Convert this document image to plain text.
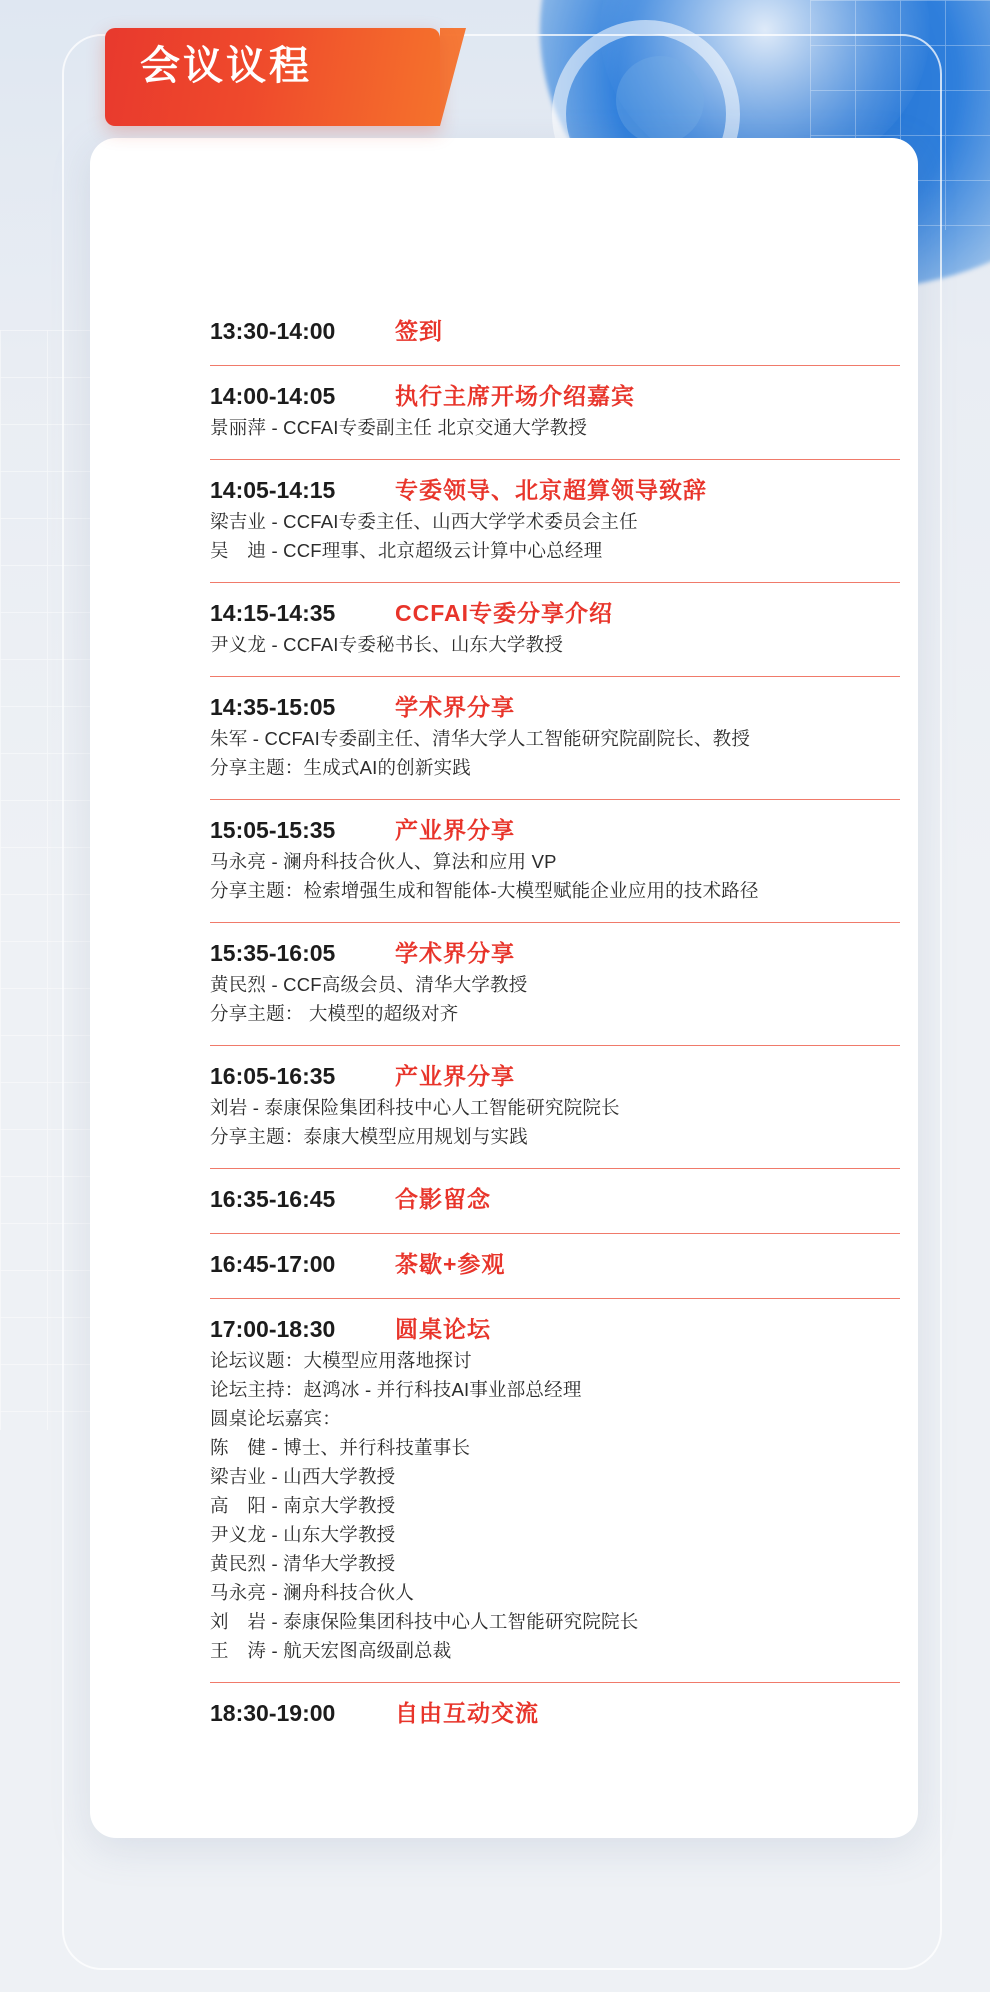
13:30-14:00	签到
14:00-14:05	执行主席开场介绍嘉宾
景丽萍 - CCFAI专委副主任 北京交通大学教授
14:05-14:15	专委领导、北京超算领导致辞
梁吉业 - CCFAI专委主任、山西大学学术委员会主任
吴　迪 - CCF理事、北京超级云计算中心总经理
14:15-14:35	CCFAI专委分享介绍
尹义龙 - CCFAI专委秘书长、山东大学教授
14:35-15:05	学术界分享
朱军 - CCFAI专委副主任、清华大学人工智能研究院副院长、教授
分享主题：生成式AI的创新实践
15:05-15:35	产业界分享
马永亮 - 澜舟科技合伙人、算法和应用 VP
分享主题：检索增强生成和智能体-大模型赋能企业应用的技术路径
15:35-16:05	学术界分享
黄民烈 - CCF高级会员、清华大学教授
分享主题： 大模型的超级对齐
16:05-16:35	产业界分享
刘岩 - 泰康保险集团科技中心人工智能研究院院长
分享主题：泰康大模型应用规划与实践
16:35-16:45	合影留念
16:45-17:00	茶歇+参观
17:00-18:30	圆桌论坛
论坛议题：大模型应用落地探讨
论坛主持：赵鸿冰 - 并行科技AI事业部总经理
圆桌论坛嘉宾：
陈　健 - 博士、并行科技董事长
梁吉业 - 山西大学教授
高　阳 - 南京大学教授
尹义龙 - 山东大学教授
黄民烈 - 清华大学教授
马永亮 - 澜舟科技合伙人
刘　岩 - 泰康保险集团科技中心人工智能研究院院长
王　涛 - 航天宏图高级副总裁
18:30-19:00	自由互动交流
会议议程
